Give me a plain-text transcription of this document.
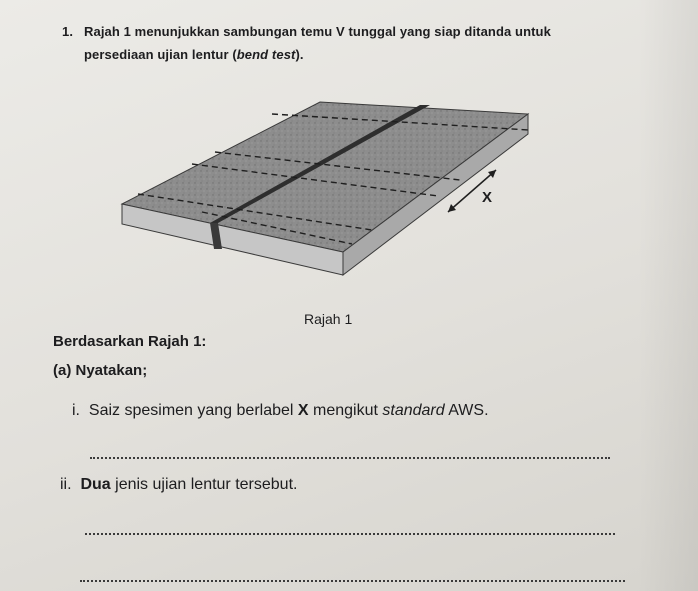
1. Rajah 1 menunjukkan sambungan temu V tunggal yang siap ditanda untuk
persediaan ujian lentur (bend test).
X
Rajah 1
Berdasarkan Rajah 1:
(a) Nyatakan;
i. Saiz spesimen yang berlabel X mengikut standard AWS.
ii. Dua jenis ujian lentur tersebut.
